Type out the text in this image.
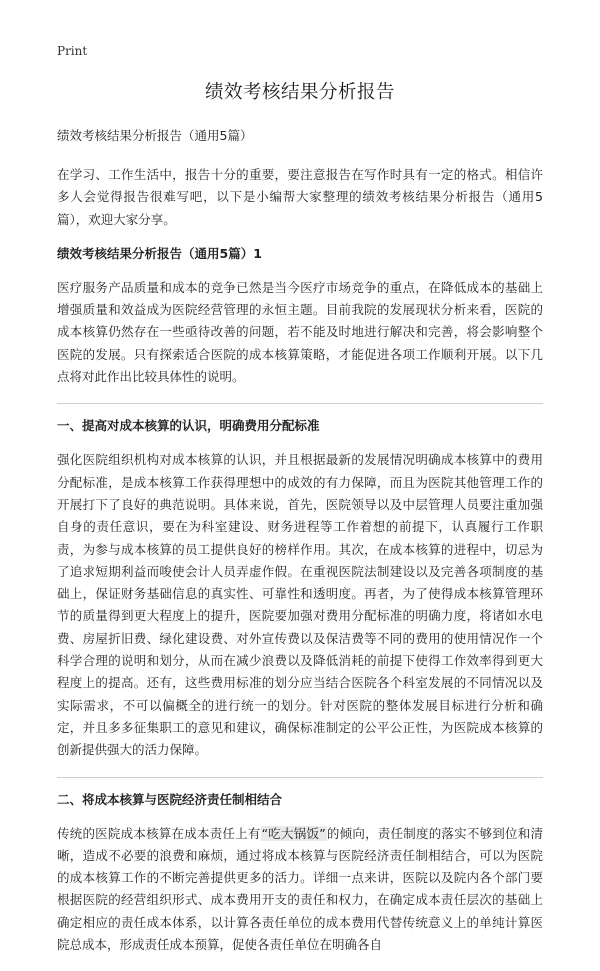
Print
绩效考核结果分析报告
绩效考核结果分析报告（通用5篇）

在学习、工作生活中，报告十分的重要，要注意报告在写作时具有一定的格式。相信许多人会觉得报告很难写吧，以下是小编帮大家整理的绩效考核结果分析报告（通用5篇），欢迎大家分享。

绩效考核结果分析报告（通用5篇）1

医疗服务产品质量和成本的竞争已然是当今医疗市场竞争的重点，在降低成本的基础上增强质量和效益成为医院经营管理的永恒主题。目前我院的发展现状分析来看，医院的成本核算仍然存在一些亟待改善的问题，若不能及时地进行解决和完善，将会影响整个医院的发展。只有探索适合医院的成本核算策略，才能促进各项工作顺利开展。以下几点将对此作出比较具体性的说明。

一、提高对成本核算的认识，明确费用分配标准

强化医院组织机构对成本核算的认识，并且根据最新的发展情况明确成本核算中的费用分配标准，是成本核算工作获得理想中的成效的有力保障，而且为医院其他管理工作的开展打下了良好的典范说明。具体来说，首先，医院领导以及中层管理人员要注重加强自身的责任意识，要在为科室建设、财务进程等工作着想的前提下，认真履行工作职责，为参与成本核算的员工提供良好的榜样作用。其次，在成本核算的进程中，切忌为了追求短期利益而唆使会计人员弄虚作假。在重视医院法制建设以及完善各项制度的基础上，保证财务基础信息的真实性、可靠性和透明度。再者，为了使得成本核算管理环节的质量得到更大程度上的提升，医院要加强对费用分配标准的明确力度，将诸如水电费、房屋折旧费、绿化建设费、对外宣传费以及保洁费等不同的费用的使用情况作一个科学合理的说明和划分，从而在减少浪费以及降低消耗的前提下使得工作效率得到更大程度上的提高。还有，这些费用标准的划分应当结合医院各个科室发展的不同情况以及实际需求，不可以偏概全的进行统一的划分。针对医院的整体发展目标进行分析和确定，并且多多征集职工的意见和建议，确保标准制定的公平公正性，为医院成本核算的创新提供强大的活力保障。

二、将成本核算与医院经济责任制相结合

传统的医院成本核算在成本责任上有“吃大锅饭”的倾向，责任制度的落实不够到位和清晰，造成不必要的浪费和麻烦，通过将成本核算与医院经济责任制相结合，可以为医院的成本核算工作的不断完善提供更多的活力。详细一点来讲，医院以及院内各个部门要根据医院的经营组织形式、成本费用开支的责任和权力，在确定成本责任层次的基础上确定相应的责任成本体系，以计算各责任单位的成本费用代替传统意义上的单纯计算医院总成本，形成责任成本预算，促使各责任单位在明确各自
